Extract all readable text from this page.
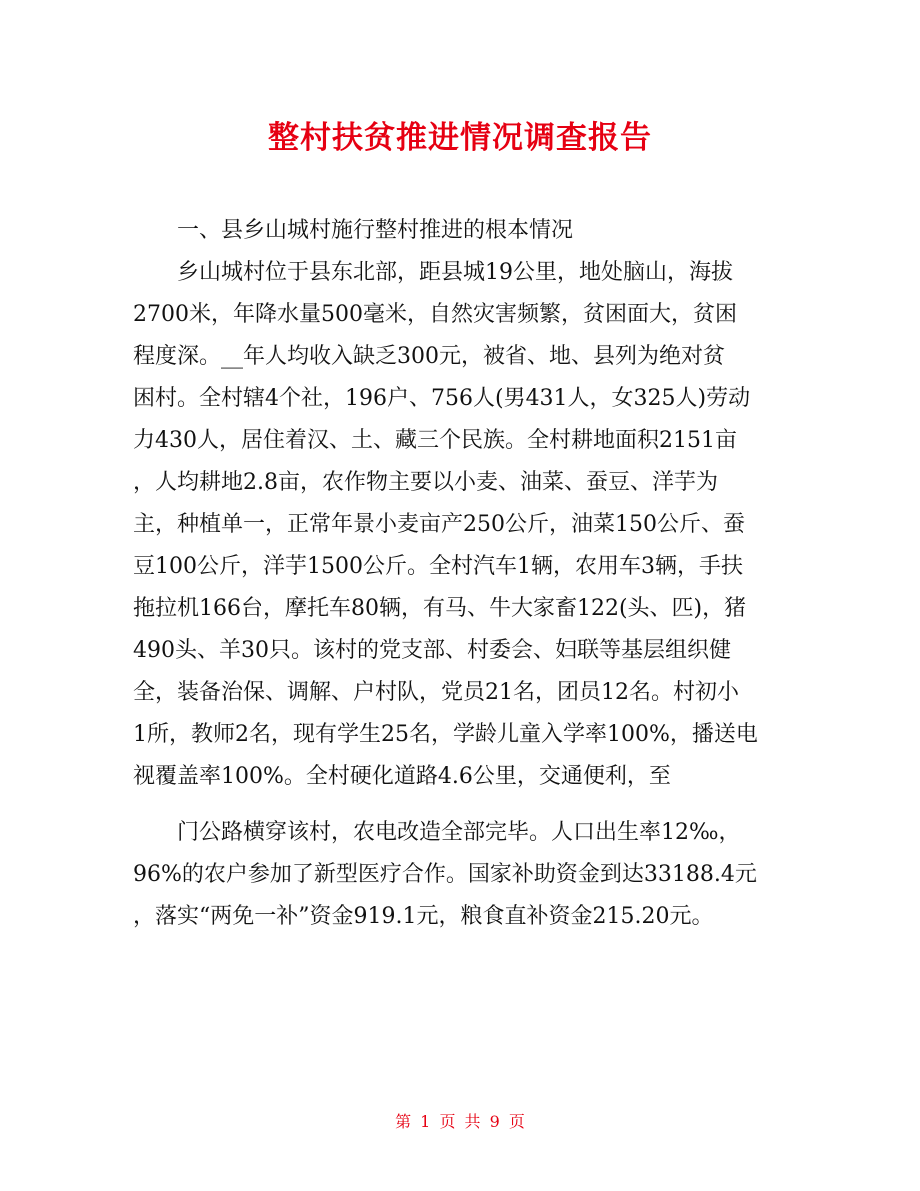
整村扶贫推进情况调查报告
一、县乡山城村施行整村推进的根本情况
乡山城村位于县东北部，距县城19公里，地处脑山，海拔
2700米，年降水量500毫米，自然灾害频繁，贫困面大，贫困
程度深。__年人均收入缺乏300元，被省、地、县列为绝对贫
困村。全村辖4个社，196户、756人(男431人，女325人)劳动
力430人，居住着汉、土、藏三个民族。全村耕地面积2151亩
，人均耕地2.8亩，农作物主要以小麦、油菜、蚕豆、洋芋为
主，种植单一，正常年景小麦亩产250公斤，油菜150公斤、蚕
豆100公斤，洋芋1500公斤。全村汽车1辆，农用车3辆，手扶
拖拉机166台，摩托车80辆，有马、牛大家畜122(头、匹)，猪
490头、羊30只。该村的党支部、村委会、妇联等基层组织健
全，装备治保、调解、户村队，党员21名，团员12名。村初小
1所，教师2名，现有学生25名，学龄儿童入学率100%，播送电
视覆盖率100%。全村硬化道路4.6公里，交通便利，至
门公路横穿该村，农电改造全部完毕。人口出生率12‰，
96%的农户参加了新型医疗合作。国家补助资金到达33188.4元
，落实“两免一补”资金919.1元，粮食直补资金215.20元。
第 1 页 共 9 页
